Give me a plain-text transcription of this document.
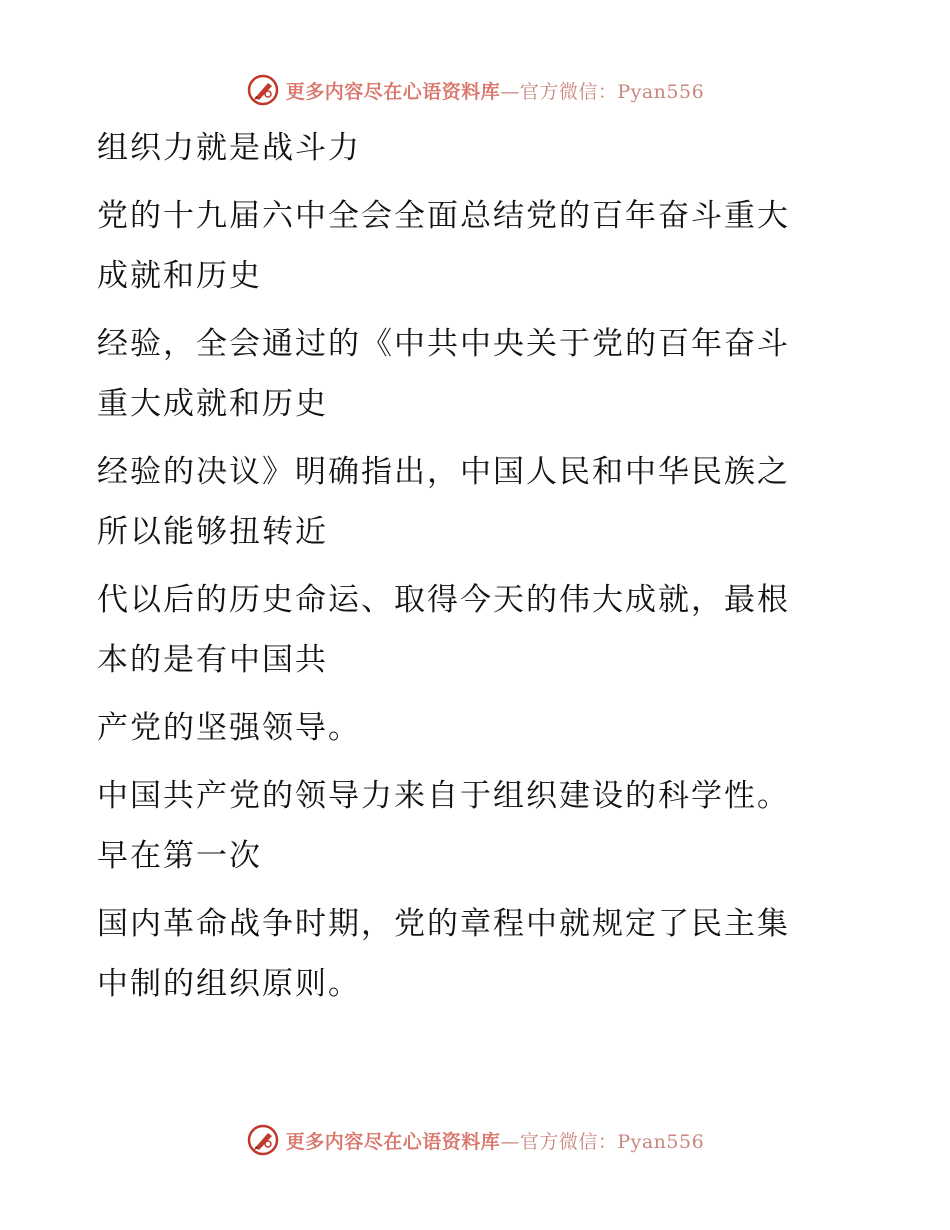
更多内容尽在心语资料库—官方微信：Pyan556

组织力就是战斗力

党的十九届六中全会全面总结党的百年奋斗重大

成就和历史

经验，全会通过的《中共中央关于党的百年奋斗

重大成就和历史

经验的决议》明确指出，中国人民和中华民族之

所以能够扭转近

代以后的历史命运、取得今天的伟大成就，最根

本的是有中国共

产党的坚强领导。

中国共产党的领导力来自于组织建设的科学性。

早在第一次

国内革命战争时期，党的章程中就规定了民主集

中制的组织原则。

更多内容尽在心语资料库—官方微信：Pyan556
